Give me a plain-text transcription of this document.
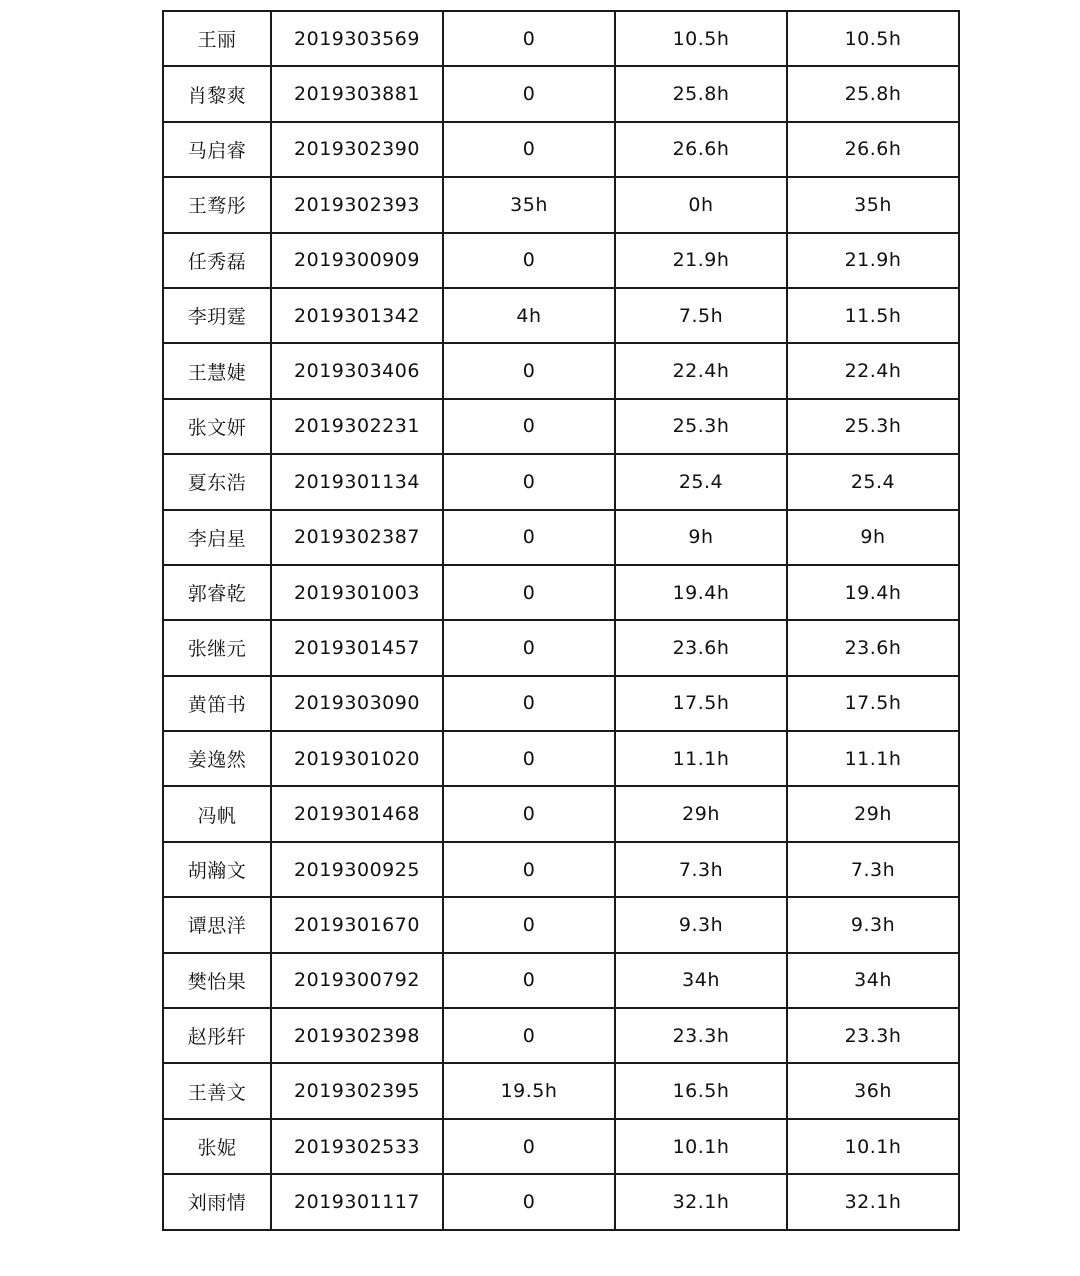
王丽	2019303569	0	10.5h	10.5h
肖黎爽	2019303881	0	25.8h	25.8h
马启睿	2019302390	0	26.6h	26.6h
王骛彤	2019302393	35h	0h	35h
任秀磊	2019300909	0	21.9h	21.9h
李玥霆	2019301342	4h	7.5h	11.5h
王慧婕	2019303406	0	22.4h	22.4h
张文妍	2019302231	0	25.3h	25.3h
夏东浩	2019301134	0	25.4	25.4
李启星	2019302387	0	9h	9h
郭睿乾	2019301003	0	19.4h	19.4h
张继元	2019301457	0	23.6h	23.6h
黄笛书	2019303090	0	17.5h	17.5h
姜逸然	2019301020	0	11.1h	11.1h
冯帆	2019301468	0	29h	29h
胡瀚文	2019300925	0	7.3h	7.3h
谭思洋	2019301670	0	9.3h	9.3h
樊怡果	2019300792	0	34h	34h
赵彤轩	2019302398	0	23.3h	23.3h
王善文	2019302395	19.5h	16.5h	36h
张妮	2019302533	0	10.1h	10.1h
刘雨情	2019301117	0	32.1h	32.1h
